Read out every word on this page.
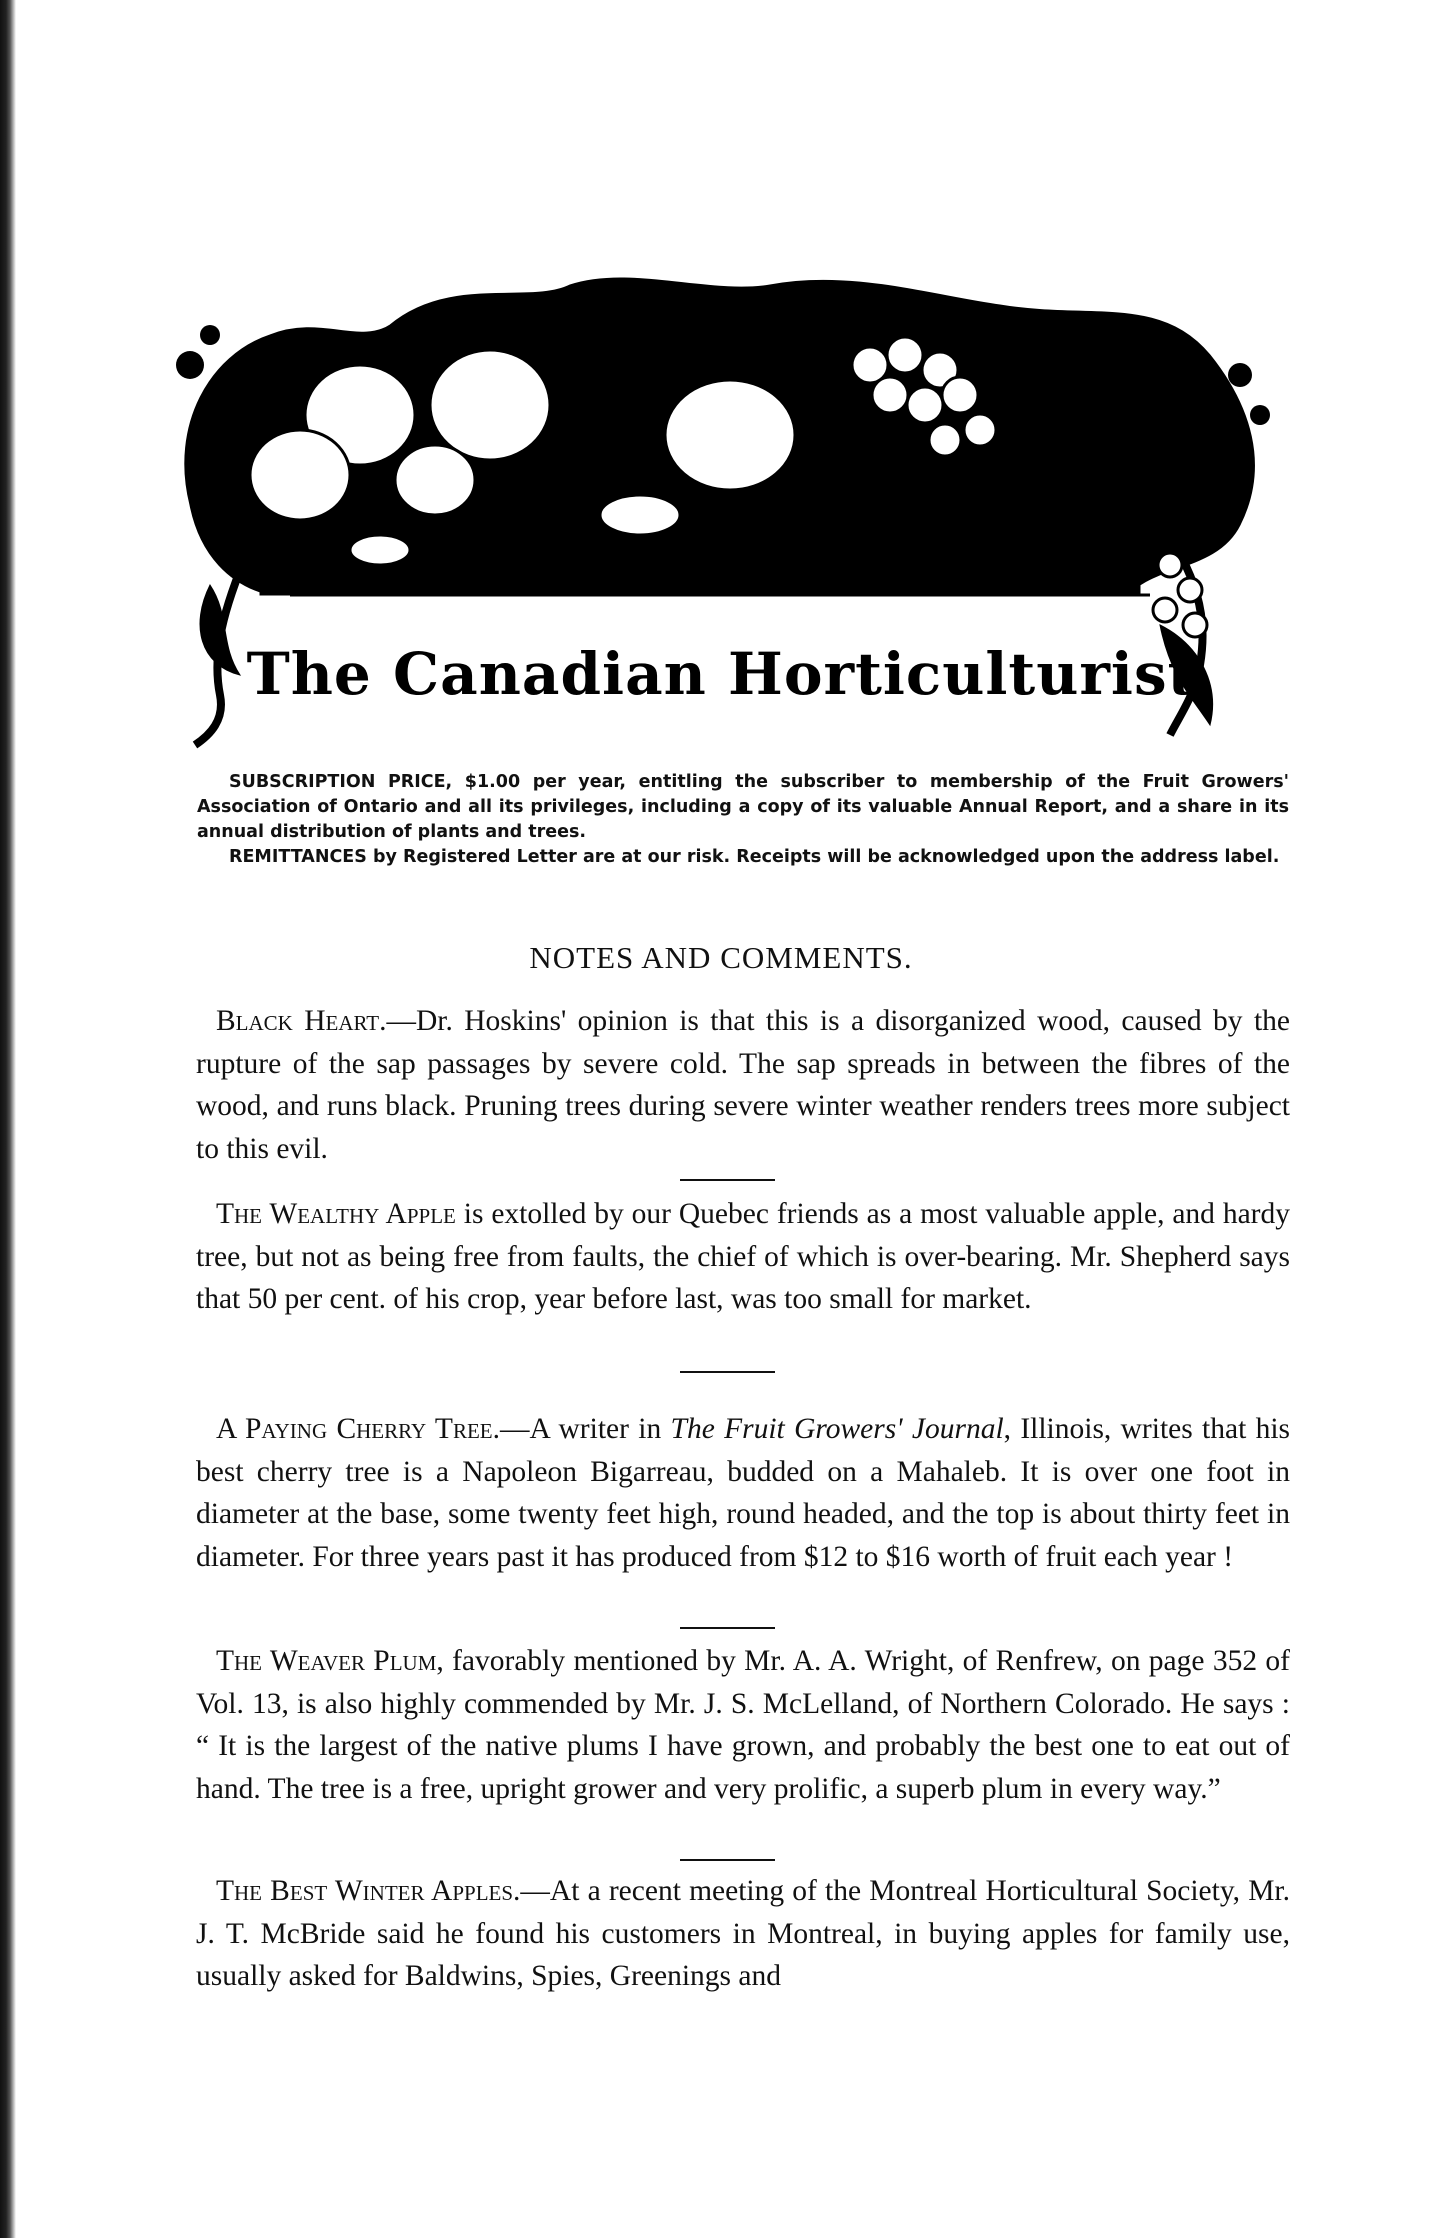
The Canadian Horticulturist

SUBSCRIPTION PRICE, $1.00 per year, entitling the subscriber to membership of the Fruit Growers' Association of Ontario and all its privileges, including a copy of its valuable Annual Report, and a share in its annual distribution of plants and trees.

REMITTANCES by Registered Letter are at our risk. Receipts will be acknowledged upon the address label.

NOTES AND COMMENTS.

Black Heart.—Dr. Hoskins' opinion is that this is a disorganized wood, caused by the rupture of the sap passages by severe cold. The sap spreads in between the fibres of the wood, and runs black. Pruning trees during severe winter weather renders trees more subject to this evil.

The Wealthy Apple is extolled by our Quebec friends as a most valuable apple, and hardy tree, but not as being free from faults, the chief of which is over-bearing. Mr. Shepherd says that 50 per cent. of his crop, year before last, was too small for market.

A Paying Cherry Tree.—A writer in The Fruit Growers' Journal, Illinois, writes that his best cherry tree is a Napoleon Bigarreau, budded on a Mahaleb. It is over one foot in diameter at the base, some twenty feet high, round headed, and the top is about thirty feet in diameter. For three years past it has produced from $12 to $16 worth of fruit each year !

The Weaver Plum, favorably mentioned by Mr. A. A. Wright, of Renfrew, on page 352 of Vol. 13, is also highly commended by Mr. J. S. McLelland, of Northern Colorado. He says : “ It is the largest of the native plums I have grown, and probably the best one to eat out of hand. The tree is a free, upright grower and very prolific, a superb plum in every way.”

The Best Winter Apples.—At a recent meeting of the Montreal Horticultural Society, Mr. J. T. McBride said he found his customers in Montreal, in buying apples for family use, usually asked for Baldwins, Spies, Greenings and
